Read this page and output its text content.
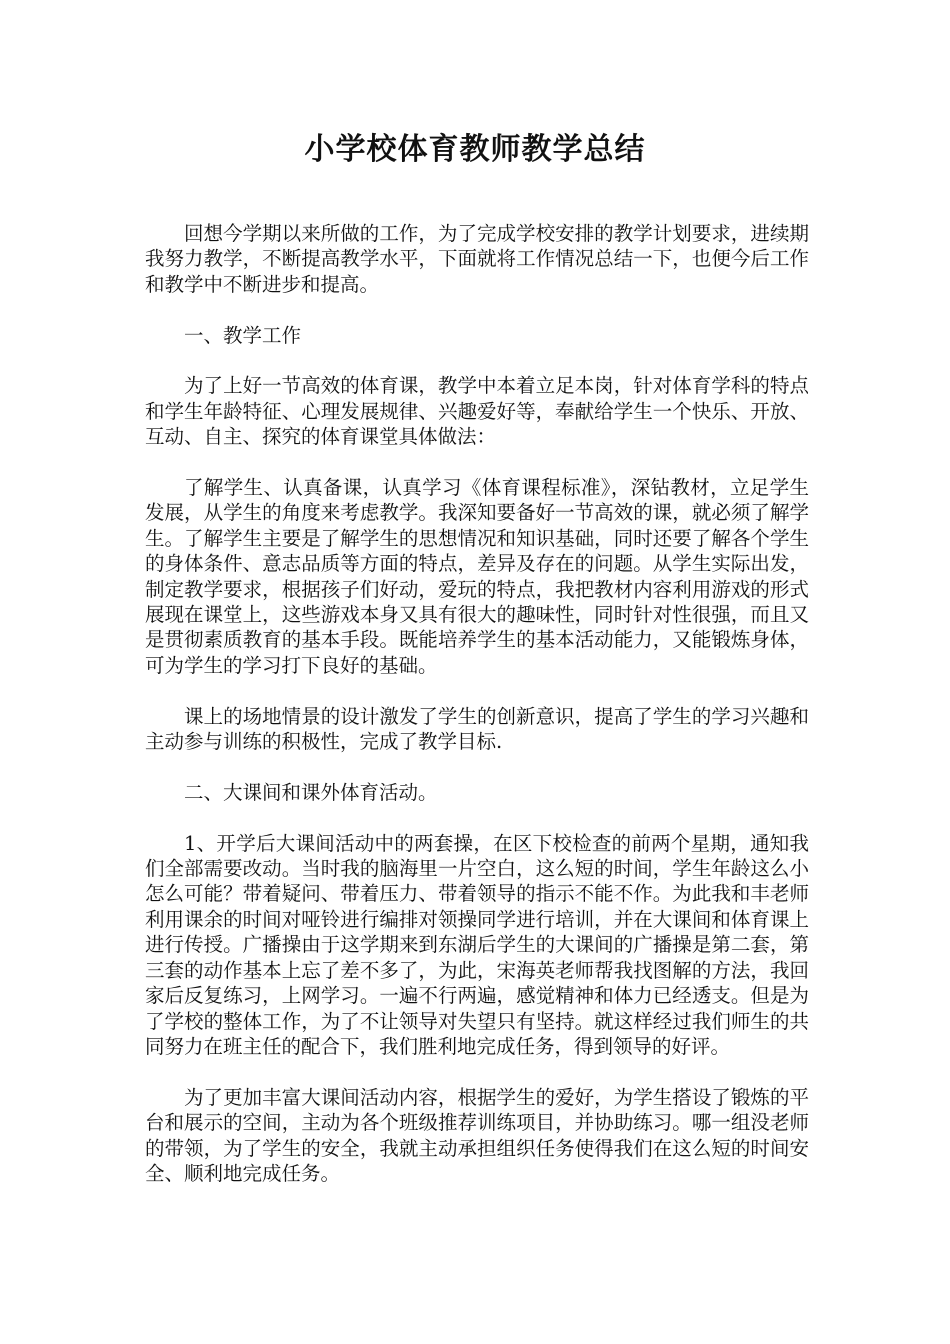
小学校体育教师教学总结

回想今学期以来所做的工作，为了完成学校安排的教学计划要求，进续期我努力教学，不断提高教学水平，下面就将工作情况总结一下，也便今后工作和教学中不断进步和提高。

一、教学工作

为了上好一节高效的体育课，教学中本着立足本岗，针对体育学科的特点和学生年龄特征、心理发展规律、兴趣爱好等，奉献给学生一个快乐、开放、互动、自主、探究的体育课堂具体做法：

了解学生、认真备课，认真学习《体育课程标准》，深钻教材，立足学生发展，从学生的角度来考虑教学。我深知要备好一节高效的课，就必须了解学生。了解学生主要是了解学生的思想情况和知识基础，同时还要了解各个学生的身体条件、意志品质等方面的特点，差异及存在的问题。从学生实际出发，制定教学要求，根据孩子们好动，爱玩的特点，我把教材内容利用游戏的形式展现在课堂上，这些游戏本身又具有很大的趣味性，同时针对性很强，而且又是贯彻素质教育的基本手段。既能培养学生的基本活动能力，又能锻炼身体，可为学生的学习打下良好的基础。

课上的场地情景的设计激发了学生的创新意识，提高了学生的学习兴趣和主动参与训练的积极性，完成了教学目标.

二、大课间和课外体育活动。

1、开学后大课间活动中的两套操，在区下校检查的前两个星期，通知我们全部需要改动。当时我的脑海里一片空白，这么短的时间，学生年龄这么小怎么可能？带着疑问、带着压力、带着领导的指示不能不作。为此我和丰老师利用课余的时间对哑铃进行编排对领操同学进行培训，并在大课间和体育课上进行传授。广播操由于这学期来到东湖后学生的大课间的广播操是第二套，第三套的动作基本上忘了差不多了，为此，宋海英老师帮我找图解的方法，我回家后反复练习，上网学习。一遍不行两遍，感觉精神和体力已经透支。但是为了学校的整体工作，为了不让领导对失望只有坚持。就这样经过我们师生的共同努力在班主任的配合下，我们胜利地完成任务，得到领导的好评。

为了更加丰富大课间活动内容，根据学生的爱好，为学生搭设了锻炼的平台和展示的空间，主动为各个班级推荐训练项目，并协助练习。哪一组没老师的带领，为了学生的安全，我就主动承担组织任务使得我们在这么短的时间安全、顺利地完成任务。
